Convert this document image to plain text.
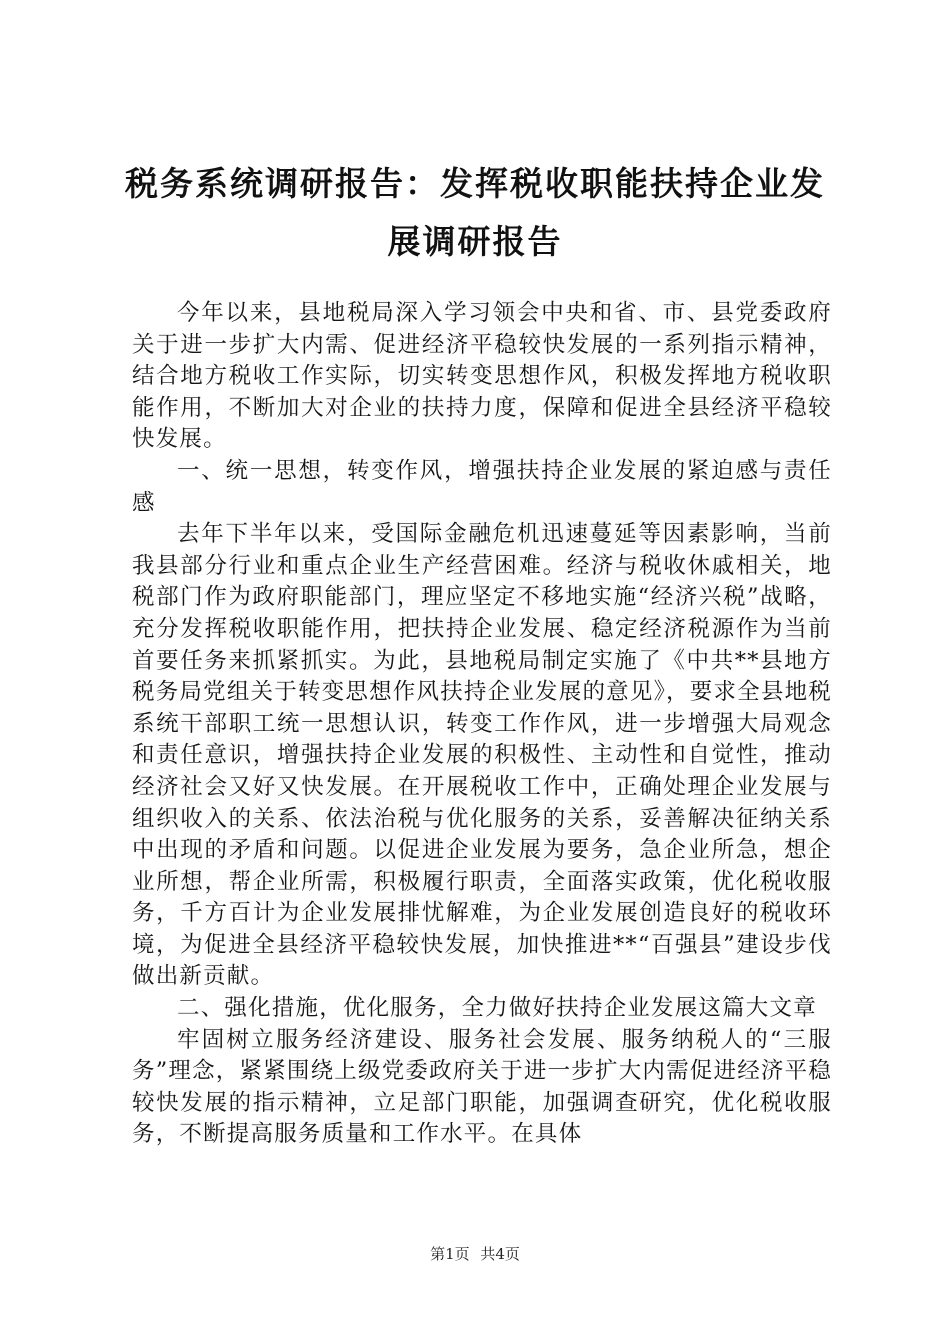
税务系统调研报告：发挥税收职能扶持企业发
展调研报告

今年以来，县地税局深入学习领会中央和省、市、县党委政府关于进一步扩大内需、促进经济平稳较快发展的一系列指示精神，结合地方税收工作实际，切实转变思想作风，积极发挥地方税收职能作用，不断加大对企业的扶持力度，保障和促进全县经济平稳较快发展。

一、统一思想，转变作风，增强扶持企业发展的紧迫感与责任感

去年下半年以来，受国际金融危机迅速蔓延等因素影响，当前我县部分行业和重点企业生产经营困难。经济与税收休戚相关，地税部门作为政府职能部门，理应坚定不移地实施“经济兴税”战略，充分发挥税收职能作用，把扶持企业发展、稳定经济税源作为当前首要任务来抓紧抓实。为此，县地税局制定实施了《中共**县地方税务局党组关于转变思想作风扶持企业发展的意见》，要求全县地税系统干部职工统一思想认识，转变工作作风，进一步增强大局观念和责任意识，增强扶持企业发展的积极性、主动性和自觉性，推动经济社会又好又快发展。在开展税收工作中，正确处理企业发展与组织收入的关系、依法治税与优化服务的关系，妥善解决征纳关系中出现的矛盾和问题。以促进企业发展为要务，急企业所急，想企业所想，帮企业所需，积极履行职责，全面落实政策，优化税收服务，千方百计为企业发展排忧解难，为企业发展创造良好的税收环境，为促进全县经济平稳较快发展，加快推进**“百强县”建设步伐做出新贡献。

二、强化措施，优化服务，全力做好扶持企业发展这篇大文章

牢固树立服务经济建设、服务社会发展、服务纳税人的“三服务”理念，紧紧围绕上级党委政府关于进一步扩大内需促进经济平稳较快发展的指示精神，立足部门职能，加强调查研究，优化税收服务，不断提高服务质量和工作水平。在具体

第1页 共4页
